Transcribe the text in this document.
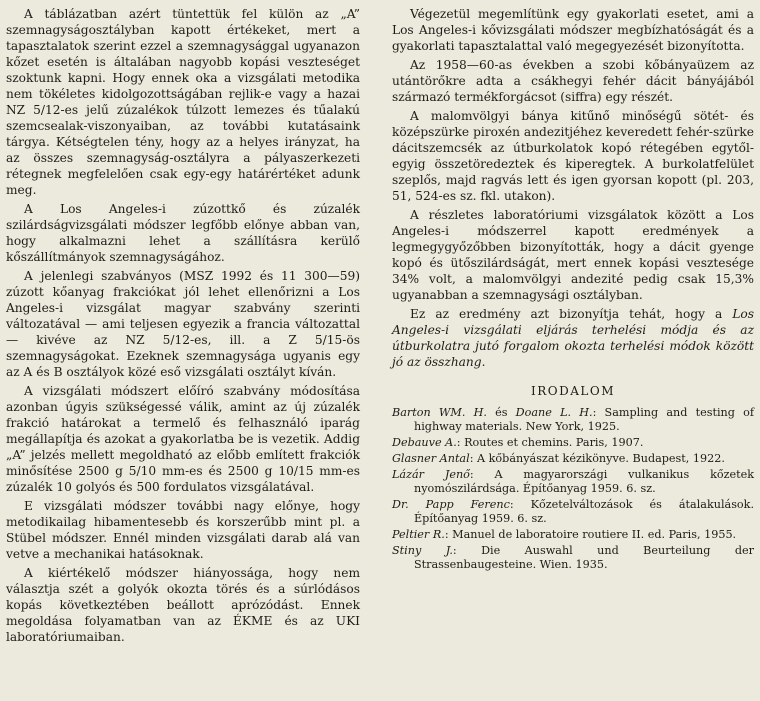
A táblázatban azért tüntettük fel külön az „A” szemnagyságosztályban kapott értékeket, mert a tapasztalatok szerint ezzel a szemnagysággal ugyanazon kőzet esetén is általában nagyobb kopási veszteséget szoktunk kapni. Hogy ennek oka a vizsgálati metodika nem tökéletes kidolgozottságában rejlik-e vagy a hazai NZ 5/12-es jelű zúzalékok túlzott lemezes és tűalakú szemcsealak-viszonyaiban, az további kutatásaink tárgya. Kétségtelen tény, hogy az a helyes irányzat, ha az összes szemnagyság-osztályra a pályaszerkezeti rétegnek megfelelően csak egy-egy határértéket adunk meg.

A Los Angeles-i zúzottkő és zúzalék szilárdságvizsgálati módszer legfőbb előnye abban van, hogy alkalmazni lehet a szállításra kerülő kőszállítmányok szemnagyságához.

A jelenlegi szabványos (MSZ 1992 és 11 300—59) zúzott kőanyag frakciókat jól lehet ellenőrizni a Los Angeles-i vizsgálat magyar szabvány szerinti változatával — ami teljesen egyezik a francia változattal — kivéve az NZ 5/12-es, ill. a Z 5/15-ös szemnagyságokat. Ezeknek szemnagysága ugyanis egy az A és B osztályok közé eső vizsgálati osztályt kíván.

A vizsgálati módszert előíró szabvány módosítása azonban úgyis szükségessé válik, amint az új zúzalék frakció határokat a termelő és felhasználó iparág megállapítja és azokat a gyakorlatba be is vezetik. Addig „A” jelzés mellett megoldható az előbb említett frakciók minősítése 2500 g 5/10 mm-es és 2500 g 10/15 mm-es zúzalék 10 golyós és 500 fordulatos vizsgálatával.

E vizsgálati módszer további nagy előnye, hogy metodikailag hibamentesebb és korszerűbb mint pl. a Stübel módszer. Ennél minden vizsgálati darab alá van vetve a mechanikai hatásoknak.

A kiértékelő módszer hiányossága, hogy nem választja szét a golyók okozta törés és a súrlódásos kopás következtében beállott aprózódást. Ennek megoldása folyamatban van az ÉKME és az UKI laboratóriumaiban.

Végezetül megemlítünk egy gyakorlati esetet, ami a Los Angeles-i kővizsgálati módszer megbízhatóságát és a gyakorlati tapasztalattal való megegyezését bizonyította.

Az 1958—60-as években a szobi kőbányaüzem az utántörőkre adta a csákhegyi fehér dácit bányájából származó termékforgácsot (siffra) egy részét.

A malomvölgyi bánya kitűnő minőségű sötét- és középszürke piroxén andezitjéhez keveredett fehér-szürke dácitszemcsék az útburkolatok kopó rétegében egytől-egyig összetöredeztek és kiperegtek. A burkolatfelület szeplős, majd ragvás lett és igen gyorsan kopott (pl. 203, 51, 524-es sz. fkl. utakon).

A részletes laboratóriumi vizsgálatok között a Los Angeles-i módszerrel kapott eredmények a legmegygyőzőbben bizonyították, hogy a dácit gyenge kopó és ütőszilárdságát, mert ennek kopási vesztesége 34% volt, a malomvölgyi andezité pedig csak 15,3% ugyanabban a szemnagysági osztályban.

Ez az eredmény azt bizonyítja tehát, hogy a Los Angeles-i vizsgálati eljárás terhelési módja és az útburkolatra jutó forgalom okozta terhelési módok között jó az összhang.

IRODALOM
Barton WM. H. és Doane L. H.: Sampling and testing of highway materials. New York, 1925.
Debauve A.: Routes et chemins. Paris, 1907.
Glasner Antal: A kőbányászat kézikönyve. Budapest, 1922.
Lázár Jenő: A magyarországi vulkanikus kőzetek nyomószilárdsága. Építőanyag 1959. 6. sz.
Dr. Papp Ferenc: Kőzetelváltozások és átalakulások. Építőanyag 1959. 6. sz.
Peltier R.: Manuel de laboratoire routiere II. ed. Paris, 1955.
Stiny J.: Die Auswahl und Beurteilung der Strassenbaugesteine. Wien. 1935.
